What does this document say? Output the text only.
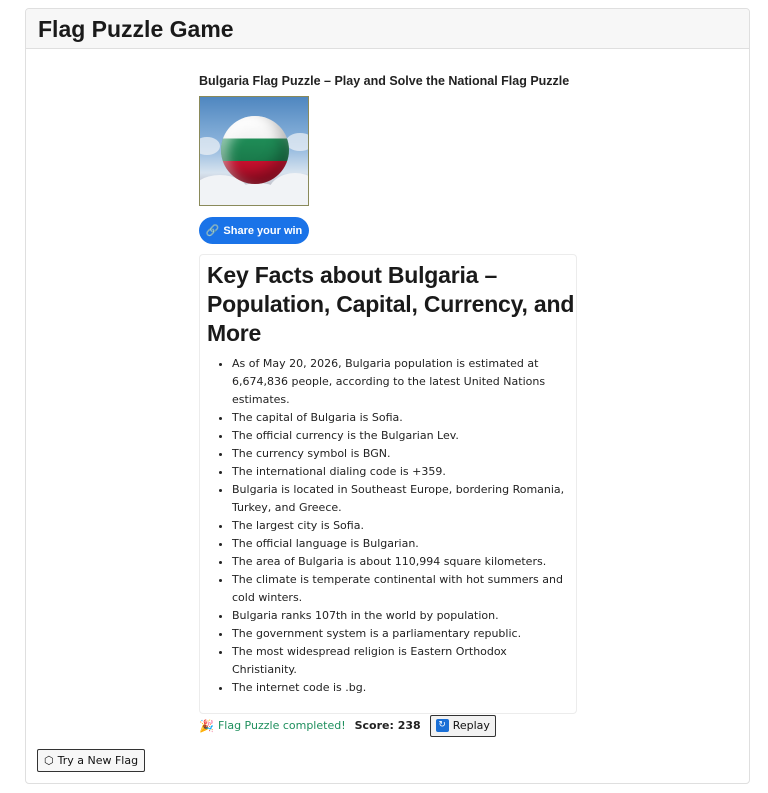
Flag Puzzle Game
Bulgaria Flag Puzzle – Play and Solve the National Flag Puzzle
🔗 Share your win
Key Facts about Bulgaria – Population, Capital, Currency, and More
• As of May 20, 2026, Bulgaria population is estimated at 6,674,836 people, according to the latest United Nations estimates.
• The capital of Bulgaria is Sofia.
• The official currency is the Bulgarian Lev.
• The currency symbol is BGN.
• The international dialing code is +359.
• Bulgaria is located in Southeast Europe, bordering Romania, Turkey, and Greece.
• The largest city is Sofia.
• The official language is Bulgarian.
• The area of Bulgaria is about 110,994 square kilometers.
• The climate is temperate continental with hot summers and cold winters.
• Bulgaria ranks 107th in the world by population.
• The government system is a parliamentary republic.
• The most widespread religion is Eastern Orthodox Christianity.
• The internet code is .bg.
🎉 Flag Puzzle completed! Score: 238	↻ Replay
⬡ Try a New Flag
